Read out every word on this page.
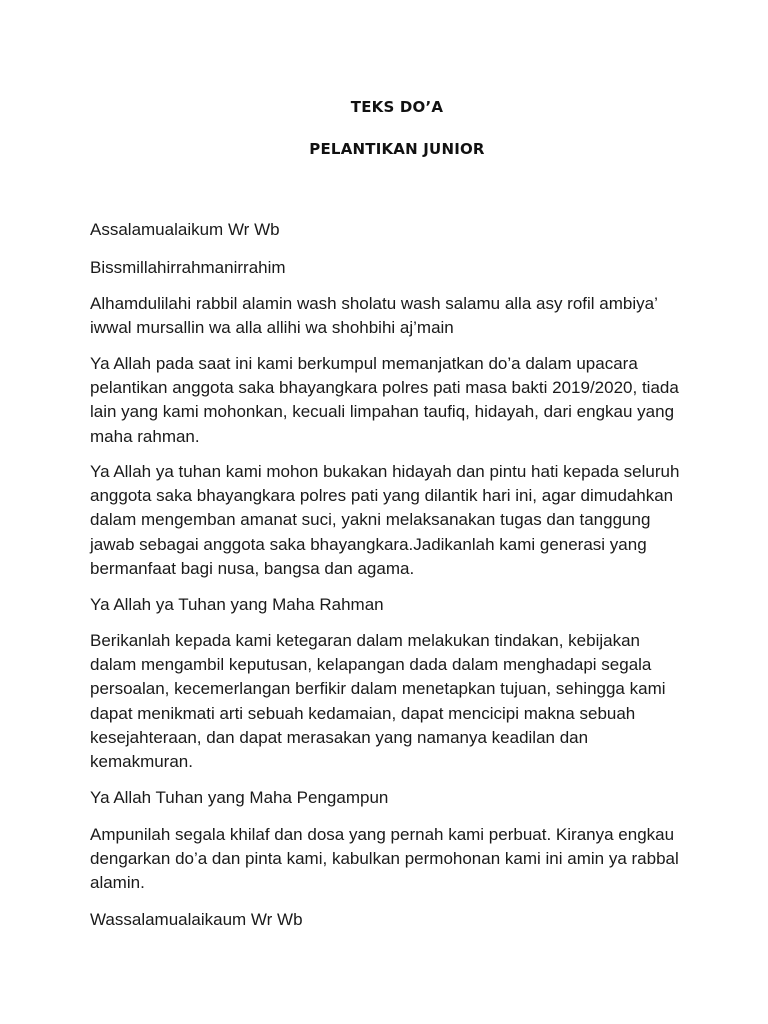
TEKS DO’A
PELANTIKAN JUNIOR

Assalamualaikum Wr Wb

Bissmillahirrahmanirrahim

Alhamdulilahi rabbil alamin wash sholatu wash salamu alla asy rofil ambiya’
iwwal mursallin wa alla allihi wa shohbihi aj’main

Ya Allah pada saat ini kami berkumpul memanjatkan do’a dalam upacara
pelantikan anggota saka bhayangkara polres pati masa bakti 2019/2020, tiada
lain yang kami mohonkan, kecuali limpahan taufiq, hidayah, dari engkau yang
maha rahman.

Ya Allah ya tuhan kami mohon bukakan hidayah dan pintu hati kepada seluruh
anggota saka bhayangkara polres pati yang dilantik hari ini, agar dimudahkan
dalam mengemban amanat suci, yakni melaksanakan tugas dan tanggung
jawab sebagai anggota saka bhayangkara.Jadikanlah kami generasi yang
bermanfaat bagi nusa, bangsa dan agama.

Ya Allah ya Tuhan yang Maha Rahman

Berikanlah kepada kami ketegaran dalam melakukan tindakan, kebijakan
dalam mengambil keputusan, kelapangan dada dalam menghadapi segala
persoalan, kecemerlangan berfikir dalam menetapkan tujuan, sehingga kami
dapat menikmati arti sebuah kedamaian, dapat mencicipi makna sebuah
kesejahteraan, dan dapat merasakan yang namanya keadilan dan
kemakmuran.

Ya Allah Tuhan yang Maha Pengampun

Ampunilah segala khilaf dan dosa yang pernah kami perbuat. Kiranya engkau
dengarkan do’a dan pinta kami, kabulkan permohonan kami ini amin ya rabbal
alamin.

Wassalamualaikaum Wr Wb
